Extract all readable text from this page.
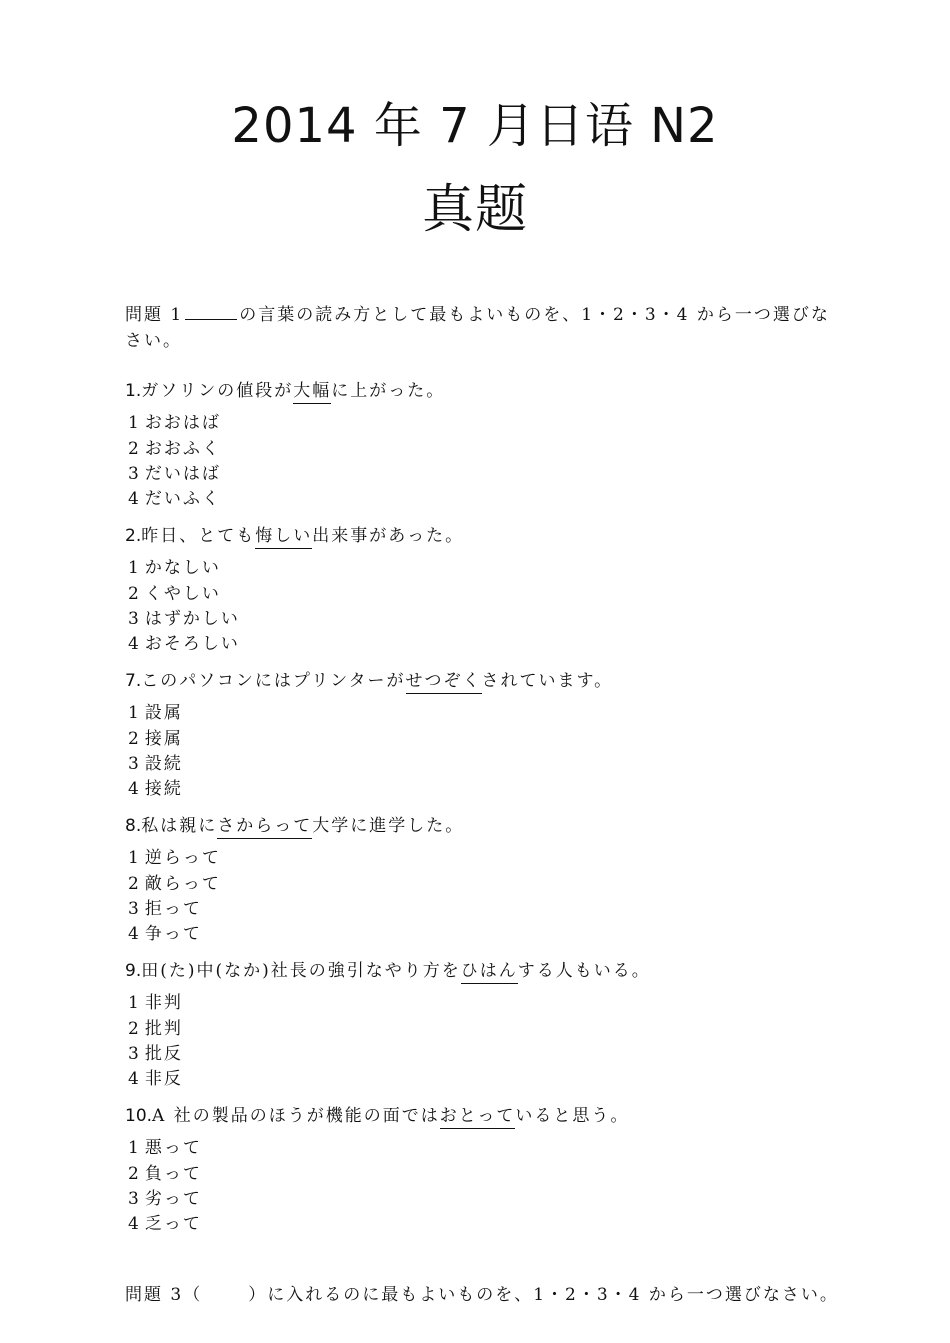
2014 年 7 月日语 N2
真题
問題 1	の言葉の読み方として最もよいものを、1・2・3・4 から一つ選びなさい。
1.ガソリンの値段が大幅に上がった。
1 おおはば
2 おおふく
3 だいはば
4 だいふく
2.昨日、とても悔しい出来事があった。
1 かなしい
2 くやしい
3 はずかしい
4 おそろしい
7.このパソコンにはプリンターがせつぞくされています。
1 設属
2 接属
3 設続
4 接続
8.私は親にさからって大学に進学した。
1 逆らって
2 敵らって
3 拒って
4 争って
9.田(た)中(なか)社長の強引なやり方をひはんする人もいる。
1 非判
2 批判
3 批反
4 非反
10.A 社の製品のほうが機能の面ではおとっていると思う。
1 悪って
2 負って
3 劣って
4 乏って
問題 3（	）に入れるのに最もよいものを、1・2・3・4 から一つ選びなさい。
